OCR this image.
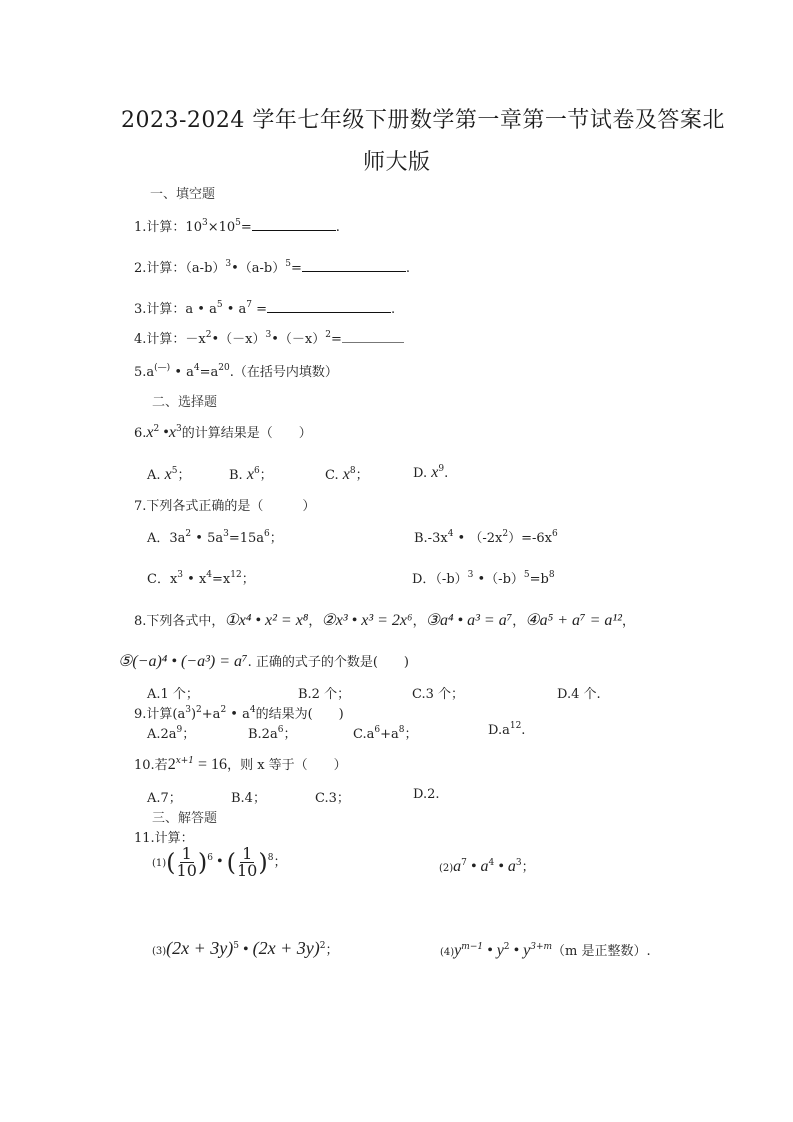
2023-2024 学年七年级下册数学第一章第一节试卷及答案北
师大版
一、填空题
1.计算：$10^3\times 10^5=$	.
2.计算：$(a-b)^3•(a-b)^5=$	.
3.计算：a • $a^5$ • $a^7$ =	.
4.计算：$-x^2•(-x)^3•(-x)^2=$
5.a(—) • $a^4=a^{20}$.（在括号内填数）
二、选择题
$6.x^2$ $•x^3$的计算结果是（　　）
A. $x^5$；	B. $x^6$；	C. $x^8$；	D. $x^9$.
7.下列各式正确的是（　　　）
A．$3a^2$ • $5a^3=15a^6$；	$B.-3x^4$ • $(-2x^2)=-6x^6$
C．$x^3$ • $x^4=x^{12}$；	D．$(-b)^3$ $•(-b)^5=b^8$
8.下列各式中，①x⁴ • x² = x⁸，②x³ • x³ = 2x⁶，③a⁴ • a³ = a⁷，④a⁵ + a⁷ = a¹²，
⑤(−a)⁴ • (−a³) = a⁷. 正确的式子的个数是(　　)
A.1 个；	B.2 个；	C.3 个；	D.4 个.
9.计算$(a^3)^2+a^2$ • $a^4$的结果为(　　)
$A.2a^9$；	$B.2a^6$；	$C.a^6+a^8$；	$D.a^{12}$.
10.若$2^{x+1} = 16$，则 x 等于（　　）
A.7；	B.4；	C.3；	D.2.
三、解答题
11.计算：
$(1)( \frac{1}{10} )^6$ • ( $\frac{1}{10} )^8$；	$(2)a^7$ • $a^4$ • $a^3$；
$(3)(2x + 3y)^5$ • $(2x + 3y)^2$；	$(4)y^{m-1}$ • $y^2$ • $y^{3+m}(m$ 是正整数）.
